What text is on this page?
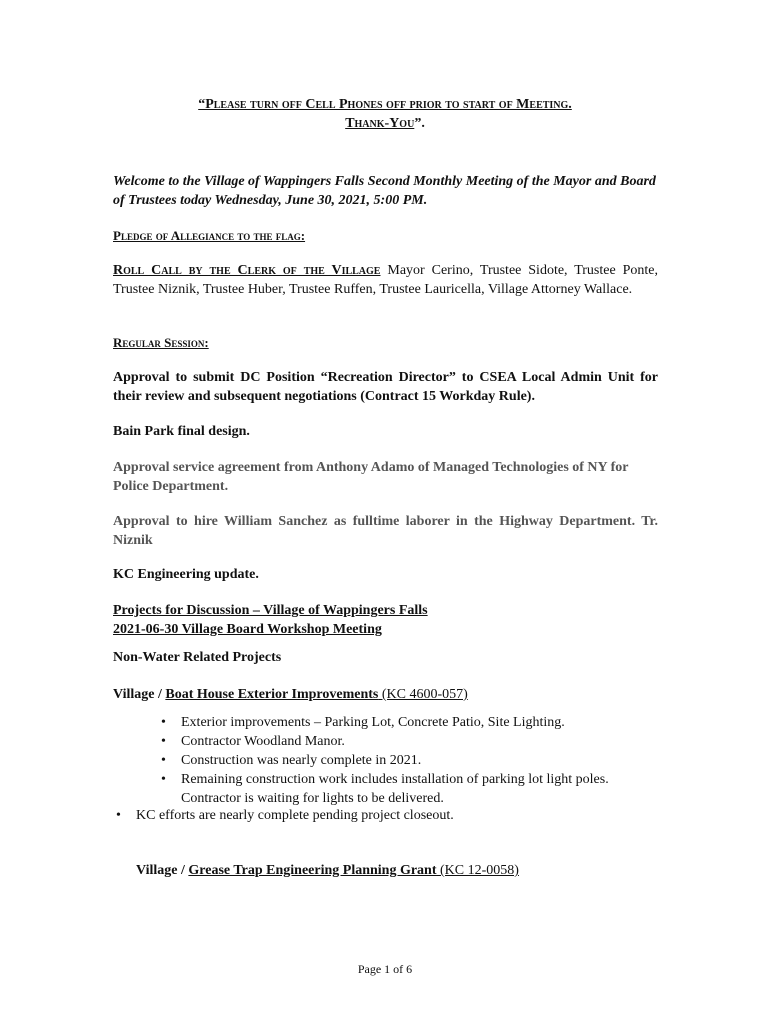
“Please turn off Cell Phones off prior to start of Meeting.
Thank-You”.
Welcome to the Village of Wappingers Falls Second Monthly Meeting of the Mayor and Board of Trustees today Wednesday, June 30, 2021, 5:00 PM.
Pledge of Allegiance to the flag:
Roll Call by the Clerk of the Village Mayor Cerino, Trustee Sidote, Trustee Ponte, Trustee Niznik, Trustee Huber, Trustee Ruffen, Trustee Lauricella, Village Attorney Wallace.
Regular Session:
Approval to submit DC Position “Recreation Director” to CSEA Local Admin Unit for their review and subsequent negotiations (Contract 15 Workday Rule).
Bain Park final design.
Approval service agreement from Anthony Adamo of Managed Technologies of NY for Police Department.
Approval to hire William Sanchez as fulltime laborer in the Highway Department. Tr. Niznik
KC Engineering update.
Projects for Discussion – Village of Wappingers Falls
2021-06-30 Village Board Workshop Meeting
Non-Water Related Projects
Village / Boat House Exterior Improvements (KC 4600-057)
• Exterior improvements – Parking Lot, Concrete Patio, Site Lighting.
• Contractor Woodland Manor.
• Construction was nearly complete in 2021.
• Remaining construction work includes installation of parking lot light poles. Contractor is waiting for lights to be delivered.
• KC efforts are nearly complete pending project closeout.
Village / Grease Trap Engineering Planning Grant (KC 12-0058)
Page 1 of 6
